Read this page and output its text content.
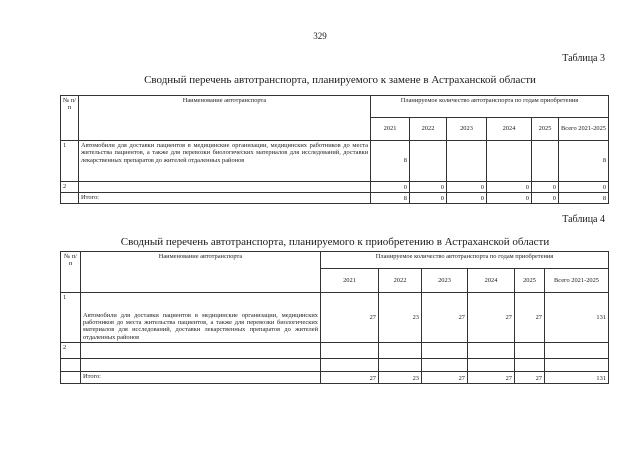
329
Таблица 3
Сводный перечень автотранспорта, планируемого к замене в Астраханской области
№ п/п	Наименование автотранспорта	Планируемое количество автотранспорта по годам приобретения					
		2021	2022	2023	2024	2025	Всего 2021-2025
1	Автомобили для доставки пациентов в медицинские организации, медицинских работников до места жительства пациентов, а также для перевозки биологических материалов для исследований, доставки лекарственных препаратов до жителей отдаленных районов	8					8
2		0	0	0	0	0	0
	Итого:	8	0	0	0	0	8
Таблица 4
Сводный перечень автотранспорта, планируемого к приобретению в Астраханской области
№ п/п	Наименование автотранспорта	Планируемое количество автотранспорта по годам приобретения					
		2021	2022	2023	2024	2025	Всего 2021-2025
1	Автомобили для доставки пациентов в медицинские организации, медицинских работников до места жительства пациентов, а также для перевозки биологических материалов для исследований, доставки лекарственных препаратов до жителей отдаленных районов	27	23	27	27	27	131
2							

	Итого:	27	23	27	27	27	131
